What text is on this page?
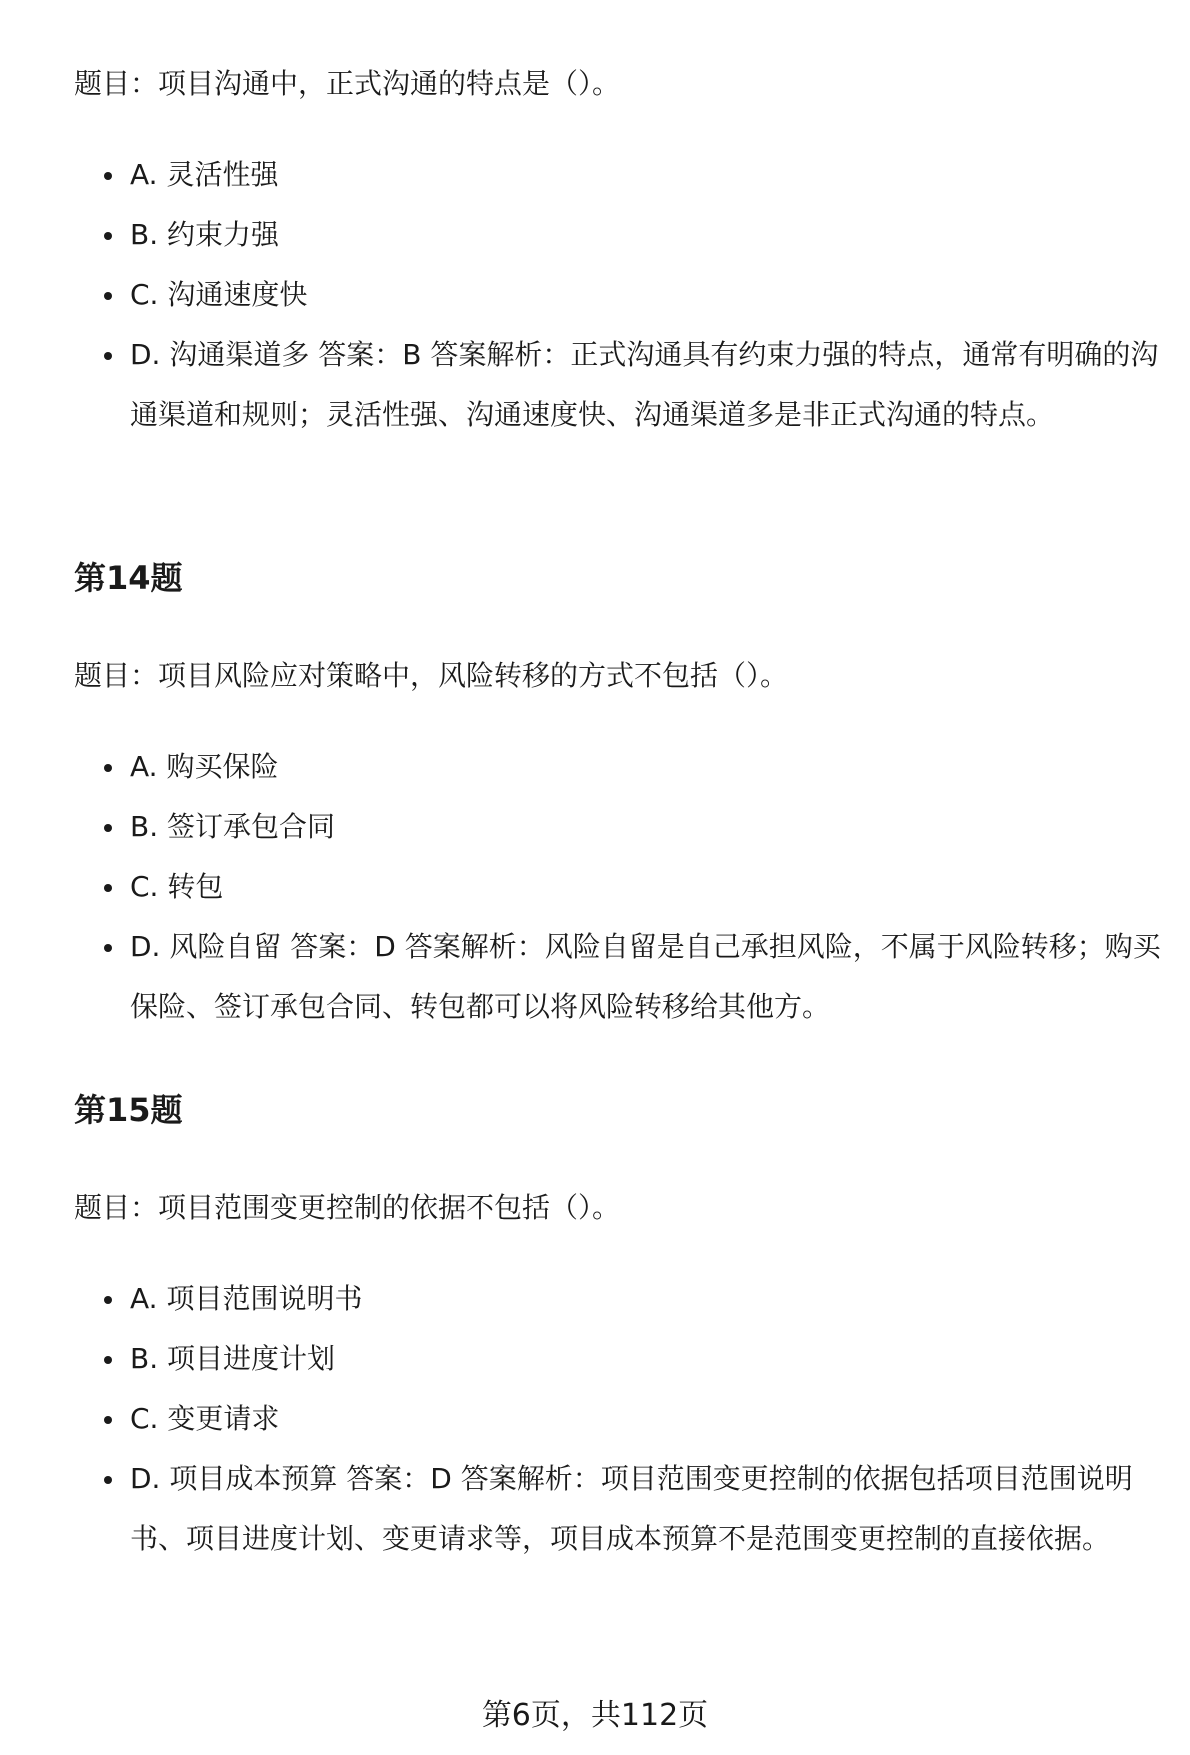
题目：项目沟通中，正式沟通的特点是（）。

A. 灵活性强
B. 约束力强
C. 沟通速度快
D. 沟通渠道多 答案：B 答案解析：正式沟通具有约束力强的特点，通常有明确的沟通渠道和规则；灵活性强、沟通速度快、沟通渠道多是非正式沟通的特点。
第14题

题目：项目风险应对策略中，风险转移的方式不包括（）。

A. 购买保险
B. 签订承包合同
C. 转包
D. 风险自留 答案：D 答案解析：风险自留是自己承担风险，不属于风险转移；购买保险、签订承包合同、转包都可以将风险转移给其他方。
第15题

题目：项目范围变更控制的依据不包括（）。

A. 项目范围说明书
B. 项目进度计划
C. 变更请求
D. 项目成本预算 答案：D 答案解析：项目范围变更控制的依据包括项目范围说明书、项目进度计划、变更请求等，项目成本预算不是范围变更控制的直接依据。
第6页，共112页
